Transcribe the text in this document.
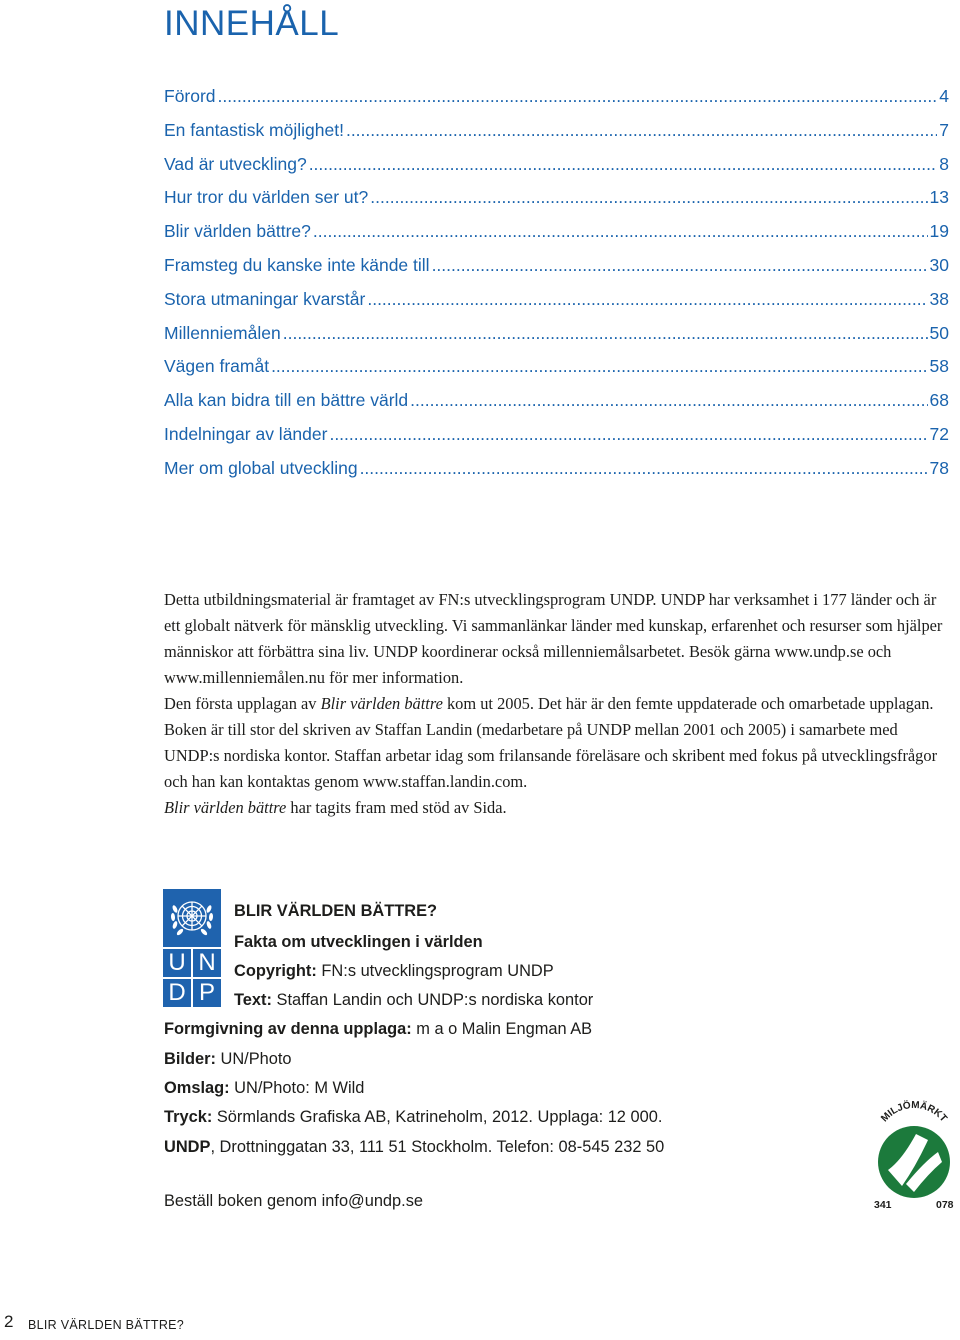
INNEHÅLL
Förord .....	4
En fantastisk möjlighet! .....	7
Vad är utveckling? .....	8
Hur tror du världen ser ut? .....	13
Blir världen bättre? .....	19
Framsteg du kanske inte kände till .....	30
Stora utmaningar kvarstår .....	38
Millenniemålen .....	50
Vägen framåt .....	58
Alla kan bidra till en bättre värld .....	68
Indelningar av länder .....	72
Mer om global utveckling .....	78

Detta utbildningsmaterial är framtaget av FN:s utvecklingsprogram UNDP. UNDP har verksamhet i 177 länder och är ett globalt nätverk för mänsklig utveckling. Vi sammanlänkar länder med kunskap, erfarenhet och resurser som hjälper människor att förbättra sina liv. UNDP koordinerar också millenniemålsarbetet. Besök gärna www.undp.se och www.millenniemålen.nu för mer information.

Den första upplagan av Blir världen bättre kom ut 2005. Det här är den femte uppdaterade och omarbetade upplagan. Boken är till stor del skriven av Staffan Landin (medarbetare på UNDP mellan 2001 och 2005) i samarbete med UNDP:s nordiska kontor. Staffan arbetar idag som frilansande föreläsare och skribent med fokus på utvecklingsfrågor och han kan kontaktas genom www.staffan.landin.com.

Blir världen bättre har tagits fram med stöd av Sida.

U N
D P
BLIR VÄRLDEN BÄTTRE?
Fakta om utvecklingen i världen
Copyright: FN:s utvecklingsprogram UNDP
Text: Staffan Landin och UNDP:s nordiska kontor
Formgivning av denna upplaga: m a o Malin Engman AB
Bilder: UN/Photo
Omslag: UN/Photo: M Wild
Tryck: Sörmlands Grafiska AB, Katrineholm, 2012. Upplaga: 12 000.
UNDP, Drottninggatan 33, 111 51 Stockholm. Telefon: 08-545 232 50
Beställ boken genom info@undp.se
MILJÖMÄRKT
341	078
2 BLIR VÄRLDEN BÄTTRE?
